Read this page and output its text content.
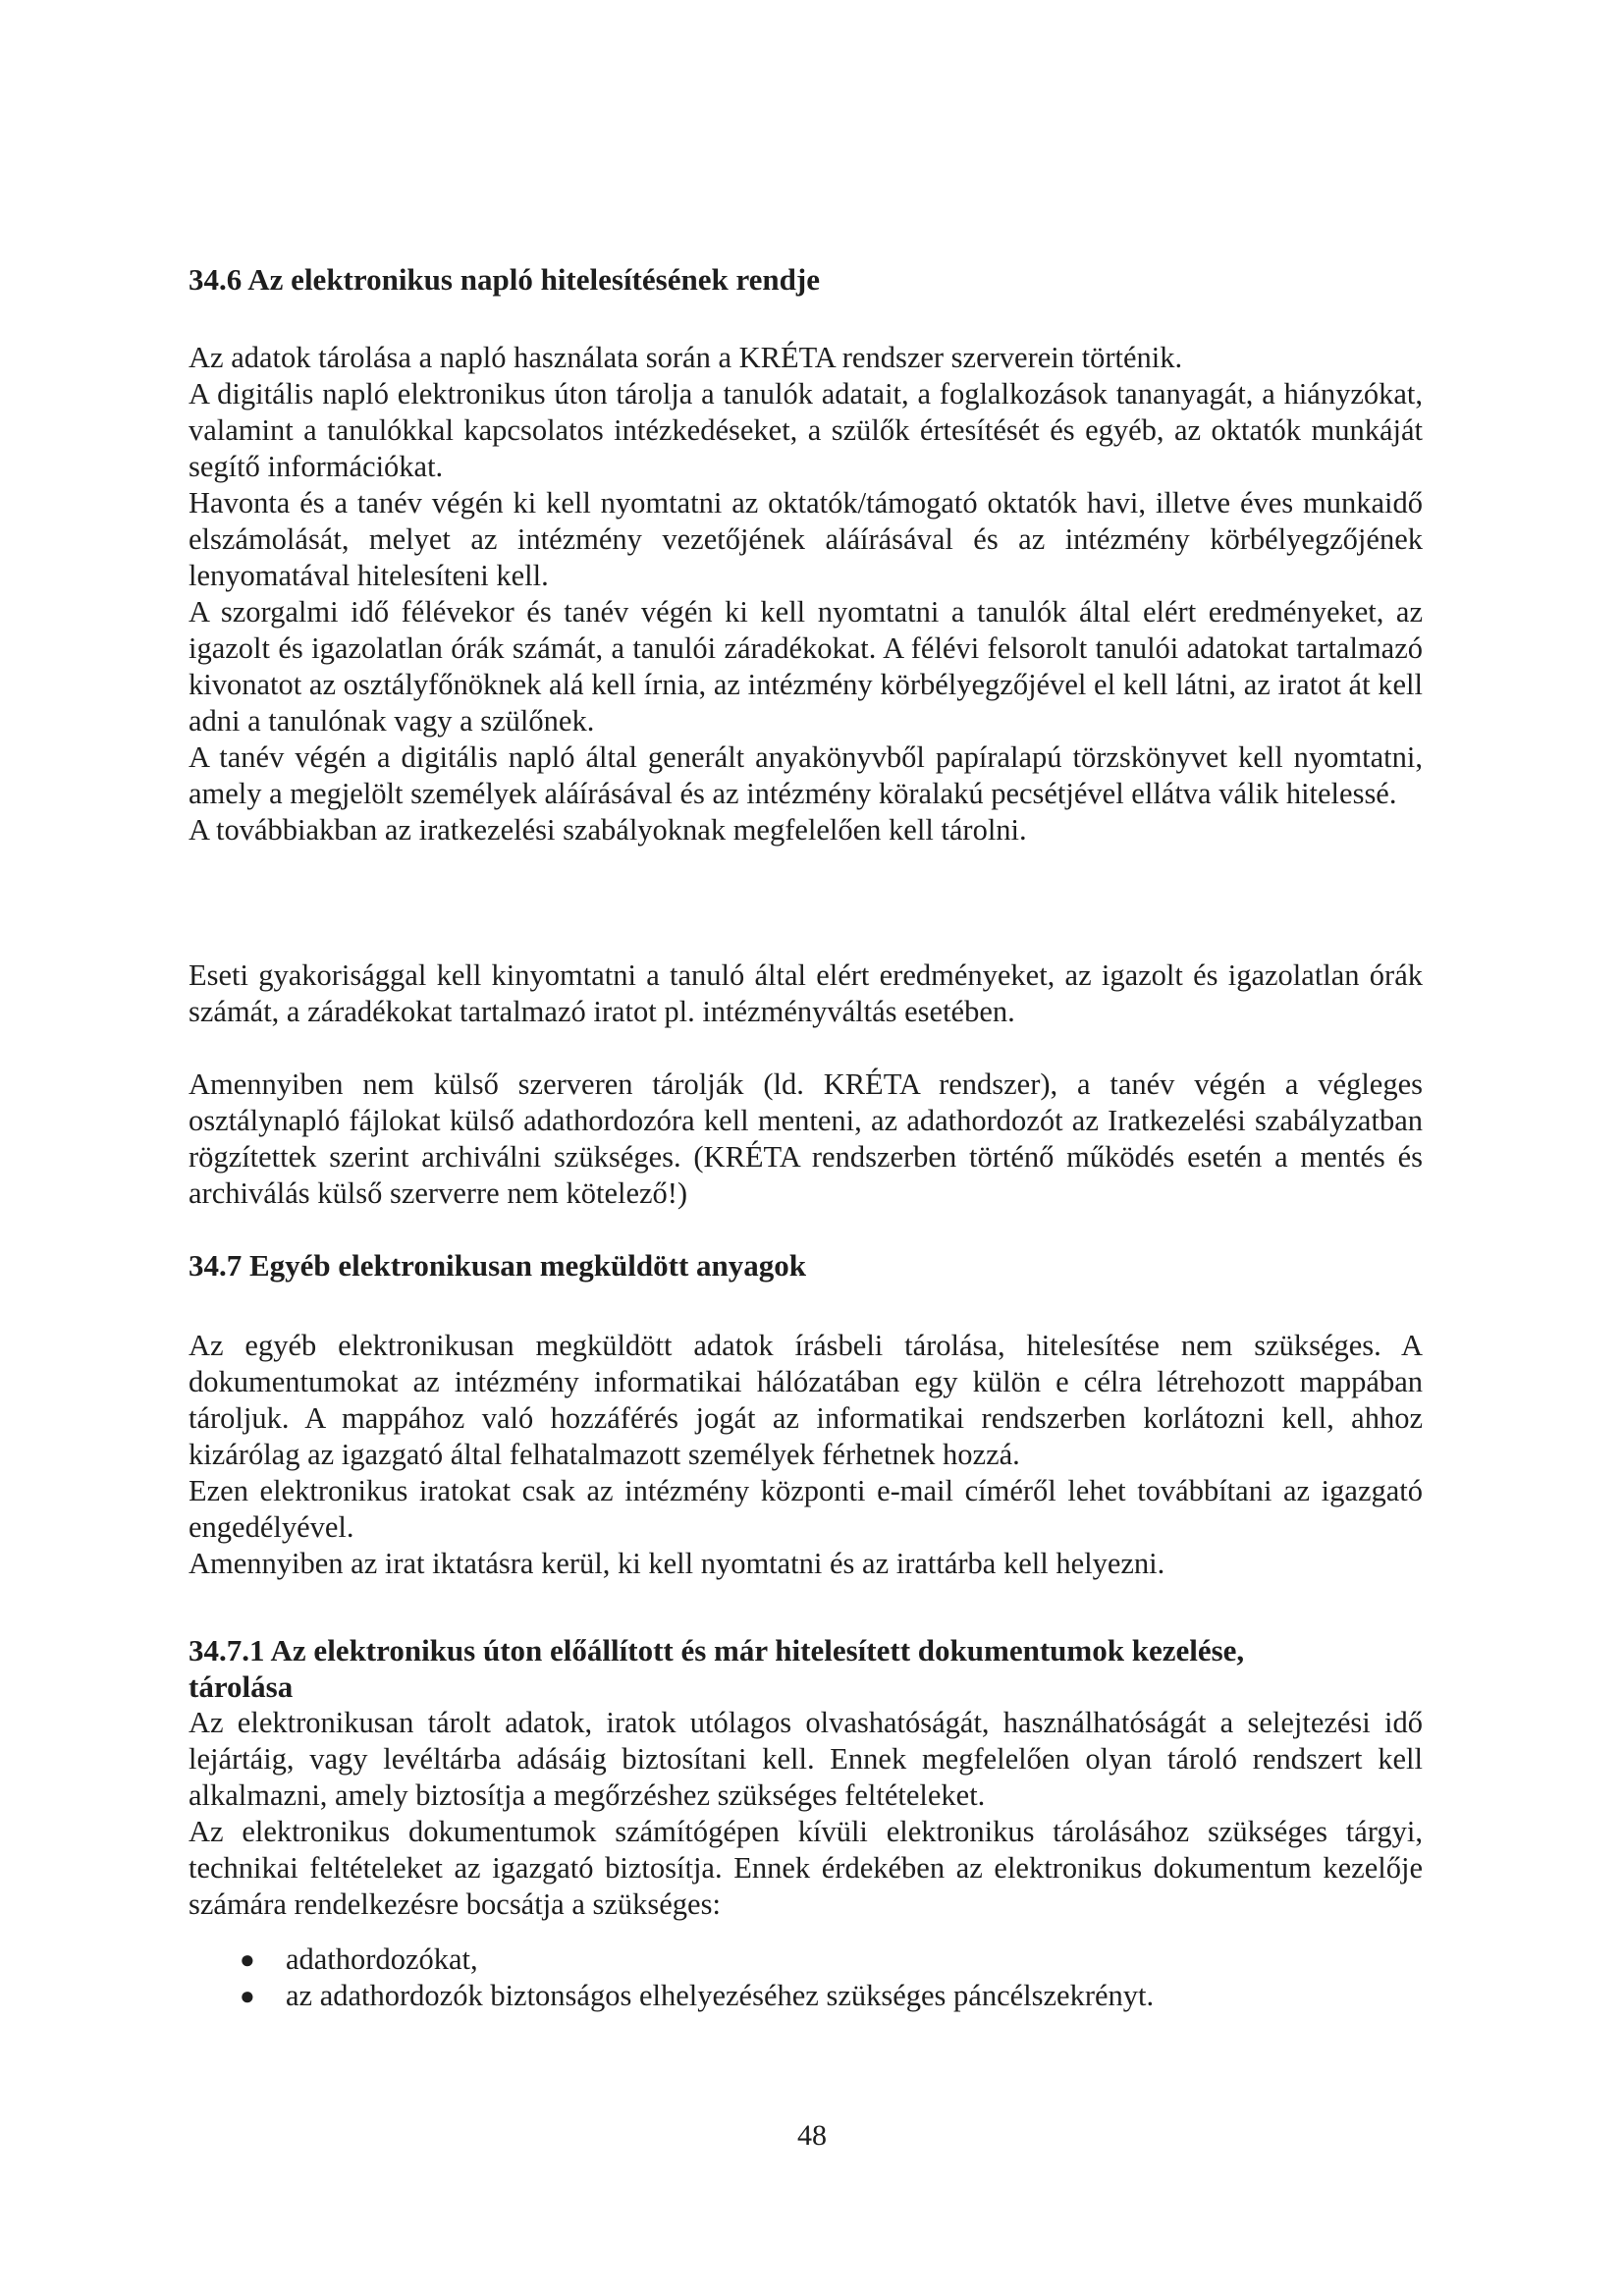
34.6 Az elektronikus napló hitelesítésének rendje

Az adatok tárolása a napló használata során a KRÉTA rendszer szerverein történik.

A digitális napló elektronikus úton tárolja a tanulók adatait, a foglalkozások tananyagát, a hiányzókat, valamint a tanulókkal kapcsolatos intézkedéseket, a szülők értesítését és egyéb, az oktatók munkáját segítő információkat.

Havonta és a tanév végén ki kell nyomtatni az oktatók/támogató oktatók havi, illetve éves munkaidő elszámolását, melyet az intézmény vezetőjének aláírásával és az intézmény körbélyegzőjének lenyomatával hitelesíteni kell.

A szorgalmi idő félévekor és tanév végén ki kell nyomtatni a tanulók által elért eredményeket, az igazolt és igazolatlan órák számát, a tanulói záradékokat. A félévi felsorolt tanulói adatokat tartalmazó kivonatot az osztályfőnöknek alá kell írnia, az intézmény körbélyegzőjével el kell látni, az iratot át kell adni a tanulónak vagy a szülőnek.

A tanév végén a digitális napló által generált anyakönyvből papíralapú törzskönyvet kell nyomtatni, amely a megjelölt személyek aláírásával és az intézmény köralakú pecsétjével ellátva válik hitelessé.

A továbbiakban az iratkezelési szabályoknak megfelelően kell tárolni.

Eseti gyakorisággal kell kinyomtatni a tanuló által elért eredményeket, az igazolt és igazolatlan órák számát, a záradékokat tartalmazó iratot pl. intézményváltás esetében.

Amennyiben nem külső szerveren tárolják (ld. KRÉTA rendszer), a tanév végén a végleges osztálynapló fájlokat külső adathordozóra kell menteni, az adathordozót az Iratkezelési szabályzatban rögzítettek szerint archiválni szükséges. (KRÉTA rendszerben történő működés esetén a mentés és archiválás külső szerverre nem kötelező!)

34.7 Egyéb elektronikusan megküldött anyagok

Az egyéb elektronikusan megküldött adatok írásbeli tárolása, hitelesítése nem szükséges. A dokumentumokat az intézmény informatikai hálózatában egy külön e célra létrehozott mappában tároljuk. A mappához való hozzáférés jogát az informatikai rendszerben korlátozni kell, ahhoz kizárólag az igazgató által felhatalmazott személyek férhetnek hozzá.

Ezen elektronikus iratokat csak az intézmény központi e-mail címéről lehet továbbítani az igazgató engedélyével.

Amennyiben az irat iktatásra kerül, ki kell nyomtatni és az irattárba kell helyezni.

34.7.1 Az elektronikus úton előállított és már hitelesített dokumentumok kezelése, tárolása

Az elektronikusan tárolt adatok, iratok utólagos olvashatóságát, használhatóságát a selejtezési idő lejártáig, vagy levéltárba adásáig biztosítani kell. Ennek megfelelően olyan tároló rendszert kell alkalmazni, amely biztosítja a megőrzéshez szükséges feltételeket.

Az elektronikus dokumentumok számítógépen kívüli elektronikus tárolásához szükséges tárgyi, technikai feltételeket az igazgató biztosítja. Ennek érdekében az elektronikus dokumentum kezelője számára rendelkezésre bocsátja a szükséges:

● adathordozókat,
● az adathordozók biztonságos elhelyezéséhez szükséges páncélszekrényt.
48
